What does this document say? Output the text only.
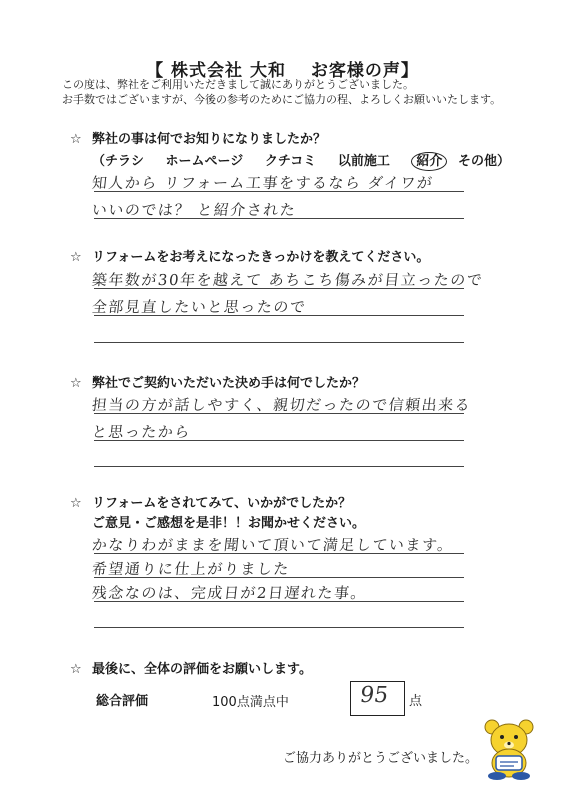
【 株式会社 大和　 お客様の声】
この度は、弊社をご利用いただきまして誠にありがとうございました。
お手数ではございますが、今後の参考のためにご協力の程、よろしくお願いいたします。
☆ 弊社の事は何でお知りになりましたか？
（チラシ ホームページ クチコミ 以前施工 紹介 その他）
知人から リフォーム工事をするなら ダイワが
いいのでは？ と紹介された
☆ リフォームをお考えになったきっかけを教えてください。
築年数が30年を越えて あちこち傷みが目立ったので
全部見直したいと思ったので
☆ 弊社でご契約いただいた決め手は何でしたか？
担当の方が話しやすく、親切だったので信頼出来る
と思ったから
☆ リフォームをされてみて、いかがでしたか？
ご意見・ご感想を是非！！お聞かせください。
かなりわがままを聞いて頂いて満足しています。
希望通りに仕上がりました
残念なのは、完成日が2日遅れた事。
☆ 最後に、全体の評価をお願いします。
総合評価	100点満点中	95 点
ご協力ありがとうございました。
